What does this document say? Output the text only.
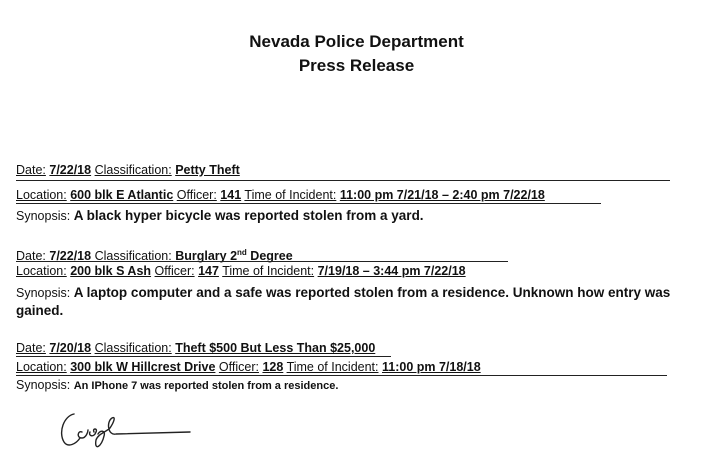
Nevada Police Department
Press Release
Date: 7/22/18 Classification: Petty Theft
Location: 600 blk E Atlantic Officer: 141 Time of Incident: 11:00 pm 7/21/18 – 2:40 pm 7/22/18
Synopsis: A black hyper bicycle was reported stolen from a yard.
Date: 7/22/18 Classification: Burglary 2nd Degree
Location: 200 blk S Ash Officer: 147 Time of Incident: 7/19/18 – 3:44 pm 7/22/18
Synopsis: A laptop computer and a safe was reported stolen from a residence. Unknown how entry was gained.
Date: 7/20/18 Classification: Theft $500 But Less Than $25,000
Location: 300 blk W Hillcrest Drive Officer: 128 Time of Incident: 11:00 pm 7/18/18
Synopsis: An IPhone 7 was reported stolen from a residence.
